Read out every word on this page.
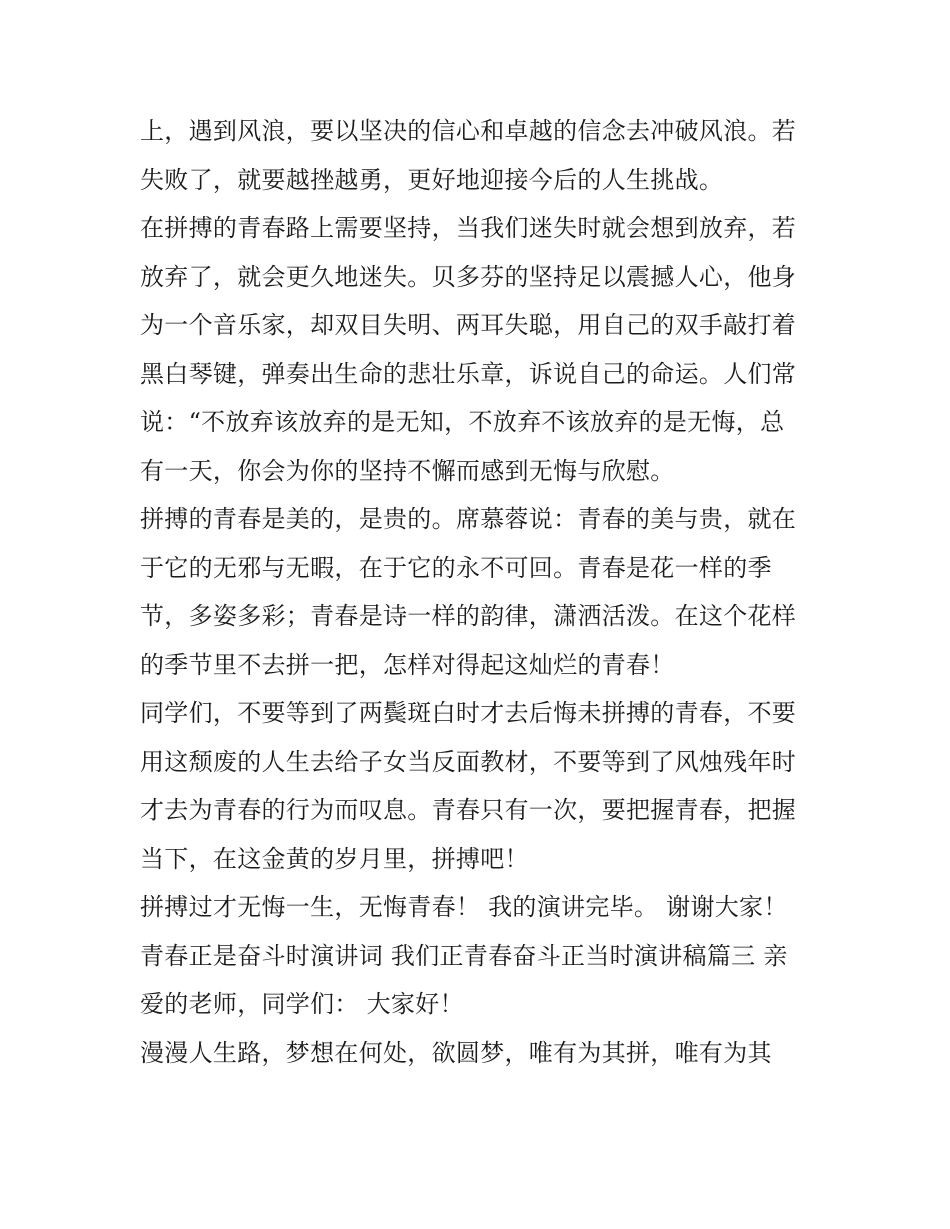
上，遇到风浪，要以坚决的信心和卓越的信念去冲破风浪。若
失败了，就要越挫越勇，更好地迎接今后的人生挑战。

在拼搏的青春路上需要坚持，当我们迷失时就会想到放弃，若
放弃了，就会更久地迷失。贝多芬的坚持足以震撼人心，他身
为一个音乐家，却双目失明、两耳失聪，用自己的双手敲打着
黑白琴键，弹奏出生命的悲壮乐章，诉说自己的命运。人们常
说：“不放弃该放弃的是无知，不放弃不该放弃的是无悔，总
有一天，你会为你的坚持不懈而感到无悔与欣慰。

拼搏的青春是美的，是贵的。席慕蓉说：青春的美与贵，就在
于它的无邪与无暇，在于它的永不可回。青春是花一样的季
节，多姿多彩；青春是诗一样的韵律，潇洒活泼。在这个花样
的季节里不去拼一把，怎样对得起这灿烂的青春！

同学们，不要等到了两鬓斑白时才去后悔未拼搏的青春，不要
用这颓废的人生去给子女当反面教材，不要等到了风烛残年时
才去为青春的行为而叹息。青春只有一次，要把握青春，把握
当下，在这金黄的岁月里，拼搏吧！

拼搏过才无悔一生，无悔青春！ 我的演讲完毕。 谢谢大家！

青春正是奋斗时演讲词 我们正青春奋斗正当时演讲稿篇三 亲
爱的老师，同学们： 大家好！

漫漫人生路，梦想在何处，欲圆梦，唯有为其拼，唯有为其
